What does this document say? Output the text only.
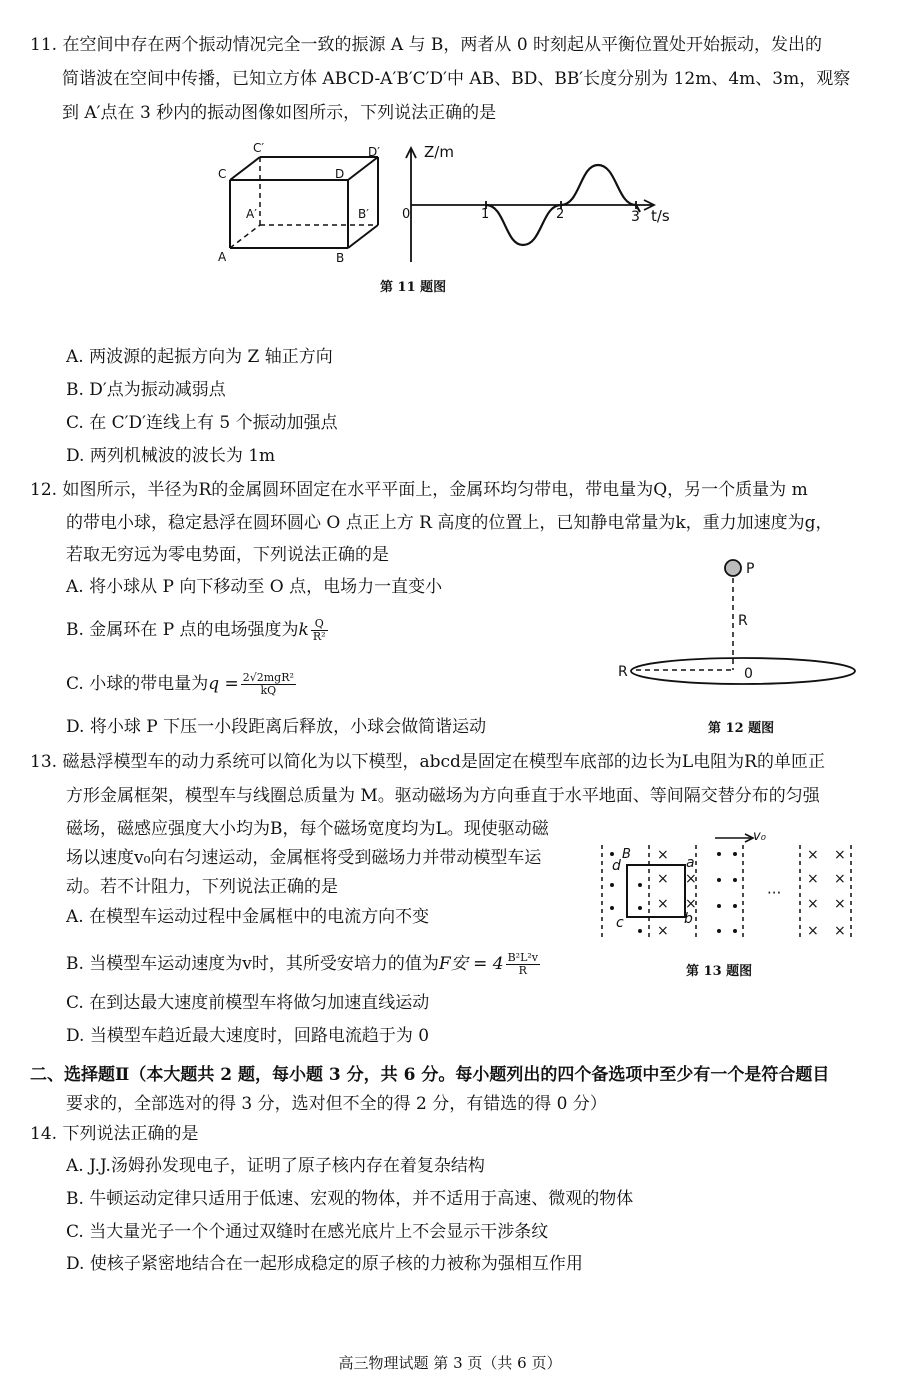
11. 在空间中存在两个振动情况完全一致的振源 A 与 B，两者从 0 时刻起从平衡位置处开始振动，发出的
简谐波在空间中传播，已知立方体 ABCD-A′B′C′D′中 AB、BD、BB′长度分别为 12m、4m、3m，观察
到 A′点在 3 秒内的振动图像如图所示，下列说法正确的是
C′	D′
C	D
A′	B′
A	B
Z/m
0	1	2	3 t/s
第 11 题图
A. 两波源的起振方向为 Z 轴正方向
B. D′点为振动减弱点
C. 在 C′D′连线上有 5 个振动加强点
D. 两列机械波的波长为 1m
12. 如图所示，半径为R的金属圆环固定在水平平面上，金属环均匀带电，带电量为Q，另一个质量为 m
的带电小球，稳定悬浮在圆环圆心 O 点正上方 R 高度的位置上，已知静电常量为k，重力加速度为g，
若取无穷远为零电势面，下列说法正确的是
A. 将小球从 P 向下移动至 O 点，电场力一直变小
B. 金属环在 P 点的电场强度为k $\frac{Q}{\text{R²}}$
C. 小球的带电量为$q = \frac{\text{2√2mgR²}}{kQ}$
D. 将小球 P 下压一小段距离后释放，小球会做简谐运动
P
R
R	0
第 12 题图
13. 磁悬浮模型车的动力系统可以简化为以下模型，abcd是固定在模型车底部的边长为L电阻为R的单匝正
方形金属框架，模型车与线圈总质量为 M。驱动磁场为方向垂直于水平地面、等间隔交替分布的匀强
磁场，磁感应强度大小均为B，每个磁场宽度均为L。现使驱动磁
场以速度v₀向右匀速运动，金属框将受到磁场力并带动模型车运
动。若不计阻力，下列说法正确的是
A. 在模型车运动过程中金属框中的电流方向不变
B. 当模型车运动速度为v时，其所受安培力的值为F安 = $4 \frac{\text{B²L²v}}{R}$
C. 在到达最大速度前模型车将做匀加速直线运动
D. 当模型车趋近最大速度时，回路电流趋于为 0
×
×
×
×
×
×
×
×
×
×
×
×
×
×
B
d	a
c	b
···
v₀
第 13 题图
二、选择题Ⅱ（本大题共 2 题，每小题 3 分，共 6 分。每小题列出的四个备选项中至少有一个是符合题目
要求的，全部选对的得 3 分，选对但不全的得 2 分，有错选的得 0 分）
14. 下列说法正确的是
A. J.J.汤姆孙发现电子，证明了原子核内存在着复杂结构
B. 牛顿运动定律只适用于低速、宏观的物体，并不适用于高速、微观的物体
C. 当大量光子一个个通过双缝时在感光底片上不会显示干涉条纹
D. 使核子紧密地结合在一起形成稳定的原子核的力被称为强相互作用
高三物理试题 第 3 页（共 6 页）
